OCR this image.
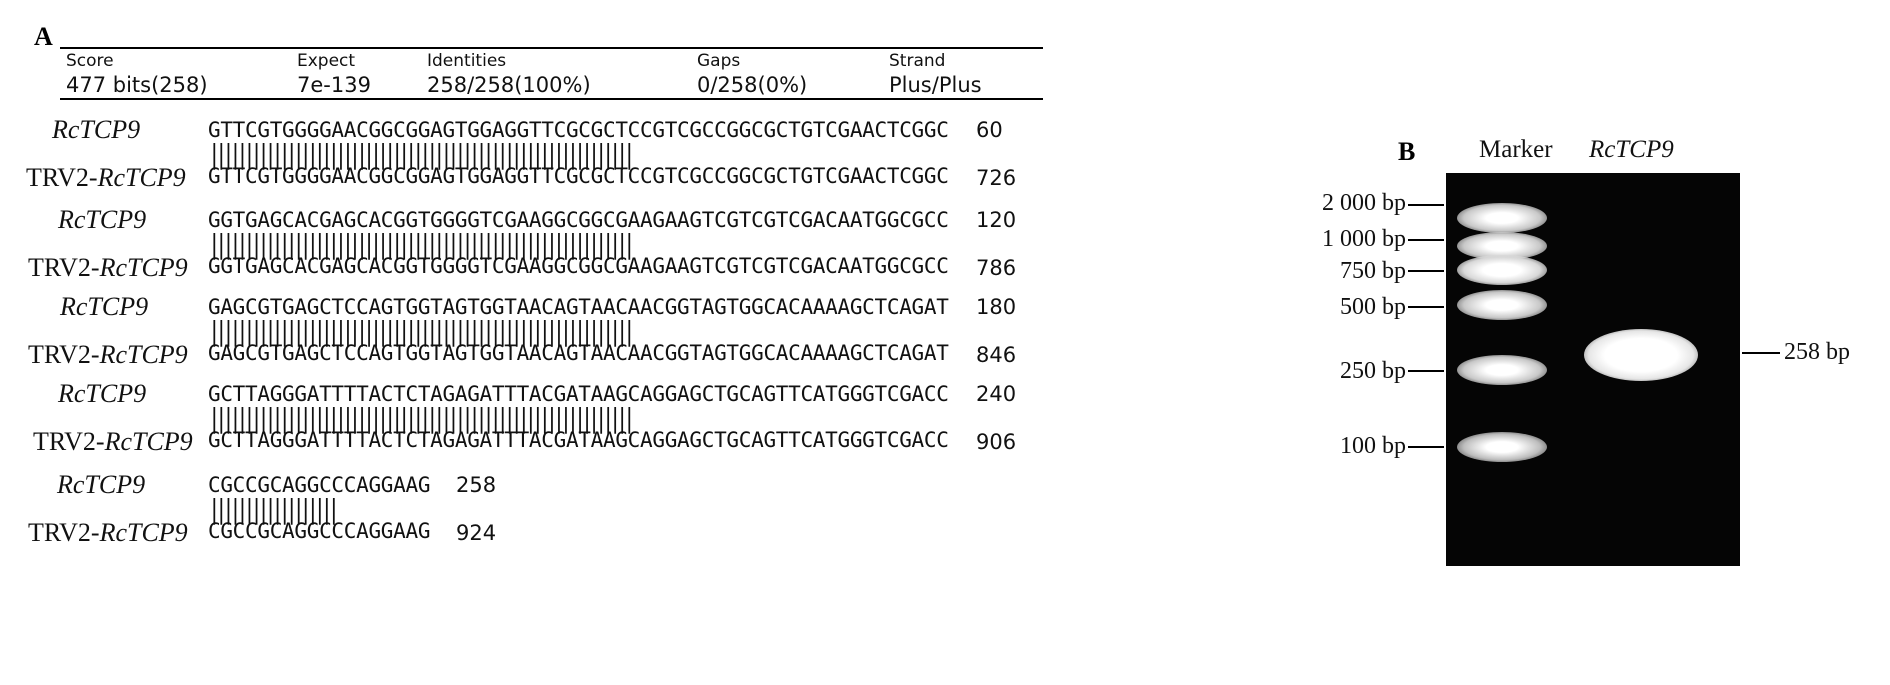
A
Score
477 bits(258)
Expect
7e-139
Identities
258/258(100%)
Gaps
0/258(0%)
Strand
Plus/Plus
RcTCP9
TRV2-RcTCP9
GTTCGTGGGGAACGGCGGAGTGGAGGTTCGCGCTCCGTCGCCGGCGCTGTCGAACTCGGC
||||||||||||||||||||||||||||||||||||||||||||||||||||||||||||
GTTCGTGGGGAACGGCGGAGTGGAGGTTCGCGCTCCGTCGCCGGCGCTGTCGAACTCGGC
60
726
RcTCP9
TRV2-RcTCP9
GGTGAGCACGAGCACGGTGGGGTCGAAGGCGGCGAAGAAGTCGTCGTCGACAATGGCGCC
||||||||||||||||||||||||||||||||||||||||||||||||||||||||||||
GGTGAGCACGAGCACGGTGGGGTCGAAGGCGGCGAAGAAGTCGTCGTCGACAATGGCGCC
120
786
RcTCP9
TRV2-RcTCP9
GAGCGTGAGCTCCAGTGGTAGTGGTAACAGTAACAACGGTAGTGGCACAAAAGCTCAGAT
||||||||||||||||||||||||||||||||||||||||||||||||||||||||||||
GAGCGTGAGCTCCAGTGGTAGTGGTAACAGTAACAACGGTAGTGGCACAAAAGCTCAGAT
180
846
RcTCP9
TRV2-RcTCP9
GCTTAGGGATTTTACTCTAGAGATTTACGATAAGCAGGAGCTGCAGTTCATGGGTCGACC
||||||||||||||||||||||||||||||||||||||||||||||||||||||||||||
GCTTAGGGATTTTACTCTAGAGATTTACGATAAGCAGGAGCTGCAGTTCATGGGTCGACC
240
906
RcTCP9
TRV2-RcTCP9
CGCCGCAGGCCCAGGAAG
||||||||||||||||||
CGCCGCAGGCCCAGGAAG
258
924
B	Marker RcTCP9
2 000 bp
1 000 bp
750 bp
500 bp
250 bp
100 bp
258 bp
